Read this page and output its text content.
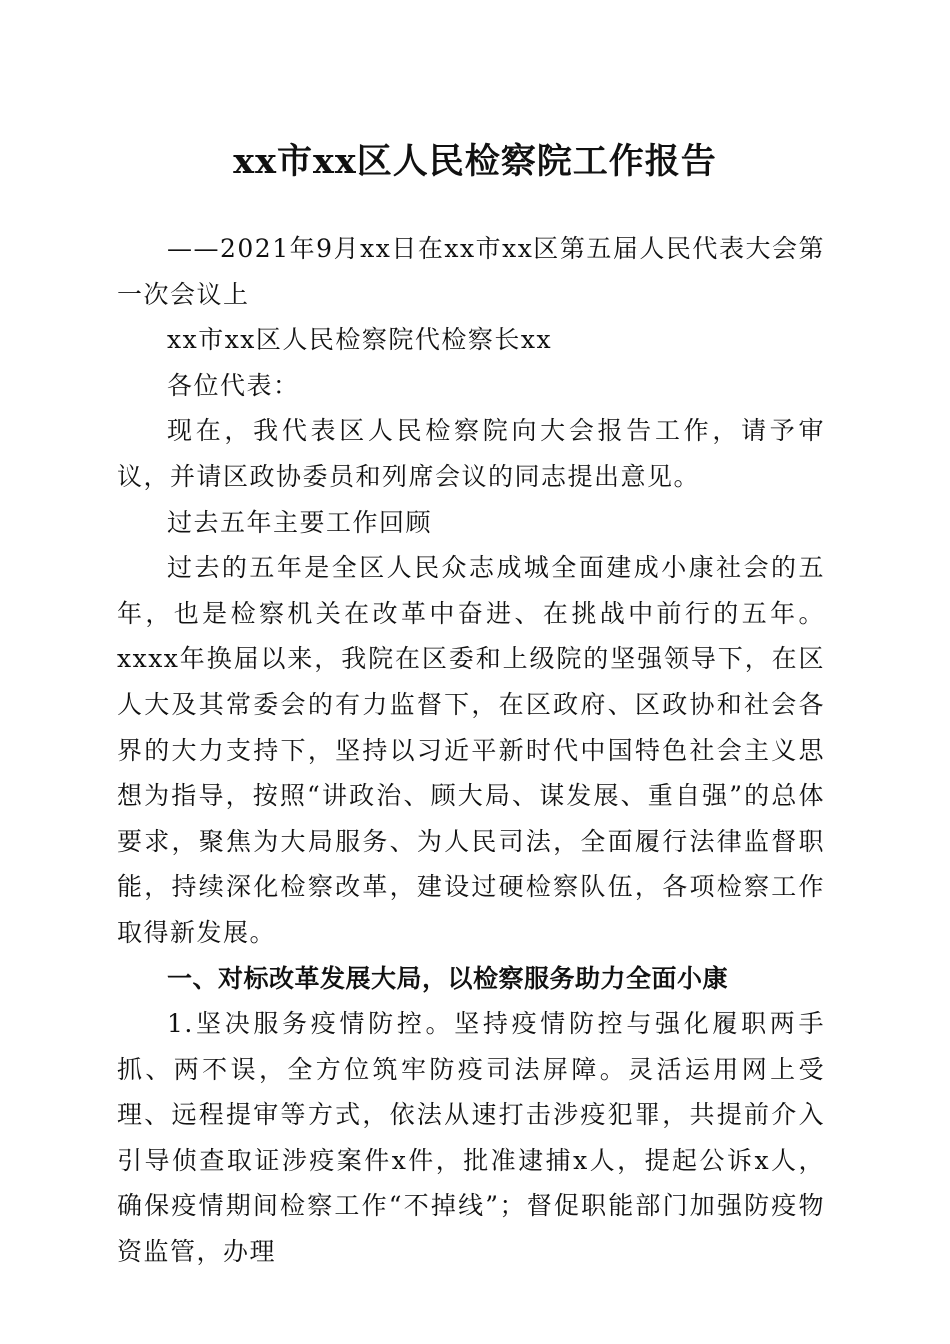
xx市xx区人民检察院工作报告

——2021年9月xx日在xx市xx区第五届人民代表大会第一次会议上

xx市xx区人民检察院代检察长xx

各位代表：

现在，我代表区人民检察院向大会报告工作，请予审议，并请区政协委员和列席会议的同志提出意见。

过去五年主要工作回顾

过去的五年是全区人民众志成城全面建成小康社会的五年，也是检察机关在改革中奋进、在挑战中前行的五年。xxxx年换届以来，我院在区委和上级院的坚强领导下，在区人大及其常委会的有力监督下，在区政府、区政协和社会各界的大力支持下，坚持以习近平新时代中国特色社会主义思想为指导，按照“讲政治、顾大局、谋发展、重自强”的总体要求，聚焦为大局服务、为人民司法，全面履行法律监督职能，持续深化检察改革，建设过硬检察队伍，各项检察工作取得新发展。

一、对标改革发展大局，以检察服务助力全面小康

1.坚决服务疫情防控。坚持疫情防控与强化履职两手抓、两不误，全方位筑牢防疫司法屏障。灵活运用网上受理、远程提审等方式，依法从速打击涉疫犯罪，共提前介入引导侦查取证涉疫案件x件，批准逮捕x人，提起公诉x人，确保疫情期间检察工作“不掉线”；督促职能部门加强防疫物资监管，办理
